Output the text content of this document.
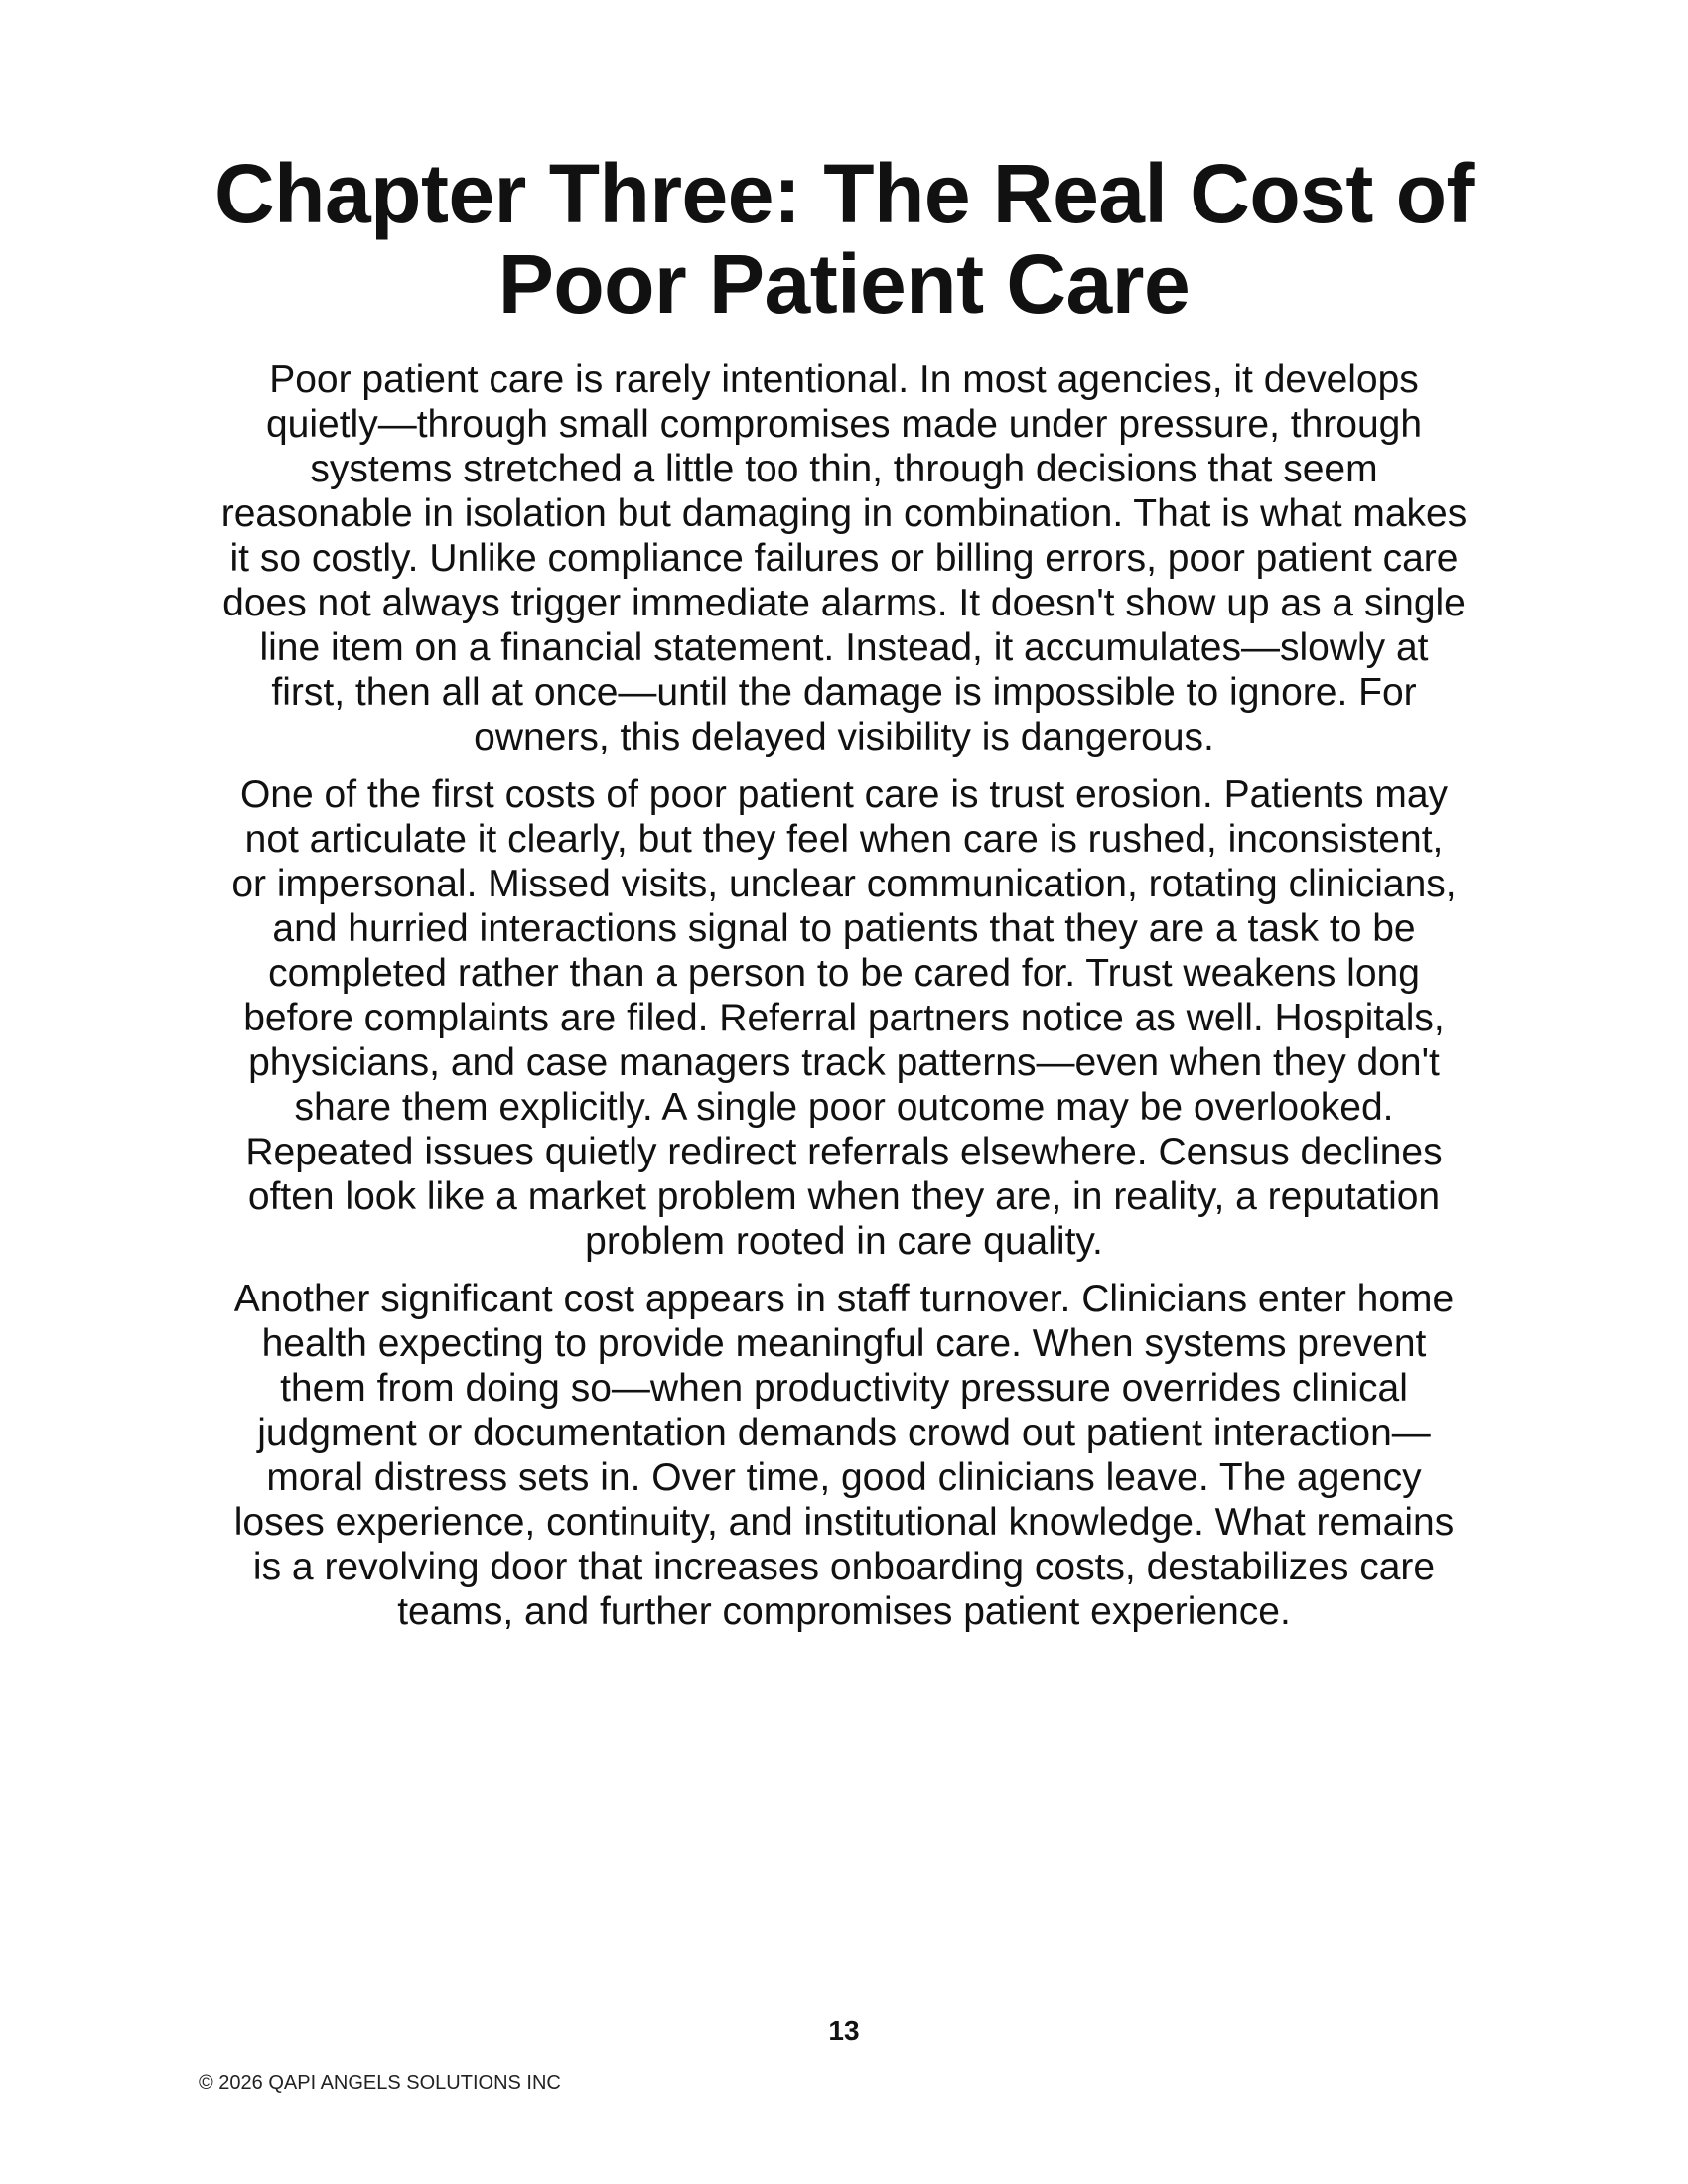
Chapter Three: The Real Cost of
Poor Patient Care

Poor patient care is rarely intentional. In most agencies, it develops
quietly—through small compromises made under pressure, through
systems stretched a little too thin, through decisions that seem
reasonable in isolation but damaging in combination. That is what makes
it so costly. Unlike compliance failures or billing errors, poor patient care
does not always trigger immediate alarms. It doesn't show up as a single
line item on a financial statement. Instead, it accumulates—slowly at
first, then all at once—until the damage is impossible to ignore. For
owners, this delayed visibility is dangerous.

One of the first costs of poor patient care is trust erosion. Patients may
not articulate it clearly, but they feel when care is rushed, inconsistent,
or impersonal. Missed visits, unclear communication, rotating clinicians,
and hurried interactions signal to patients that they are a task to be
completed rather than a person to be cared for. Trust weakens long
before complaints are filed. Referral partners notice as well. Hospitals,
physicians, and case managers track patterns—even when they don't
share them explicitly. A single poor outcome may be overlooked.
Repeated issues quietly redirect referrals elsewhere. Census declines
often look like a market problem when they are, in reality, a reputation
problem rooted in care quality.

Another significant cost appears in staff turnover. Clinicians enter home
health expecting to provide meaningful care. When systems prevent
them from doing so—when productivity pressure overrides clinical
judgment or documentation demands crowd out patient interaction—
moral distress sets in. Over time, good clinicians leave. The agency
loses experience, continuity, and institutional knowledge. What remains
is a revolving door that increases onboarding costs, destabilizes care
teams, and further compromises patient experience.

13
© 2026 QAPI ANGELS SOLUTIONS INC
